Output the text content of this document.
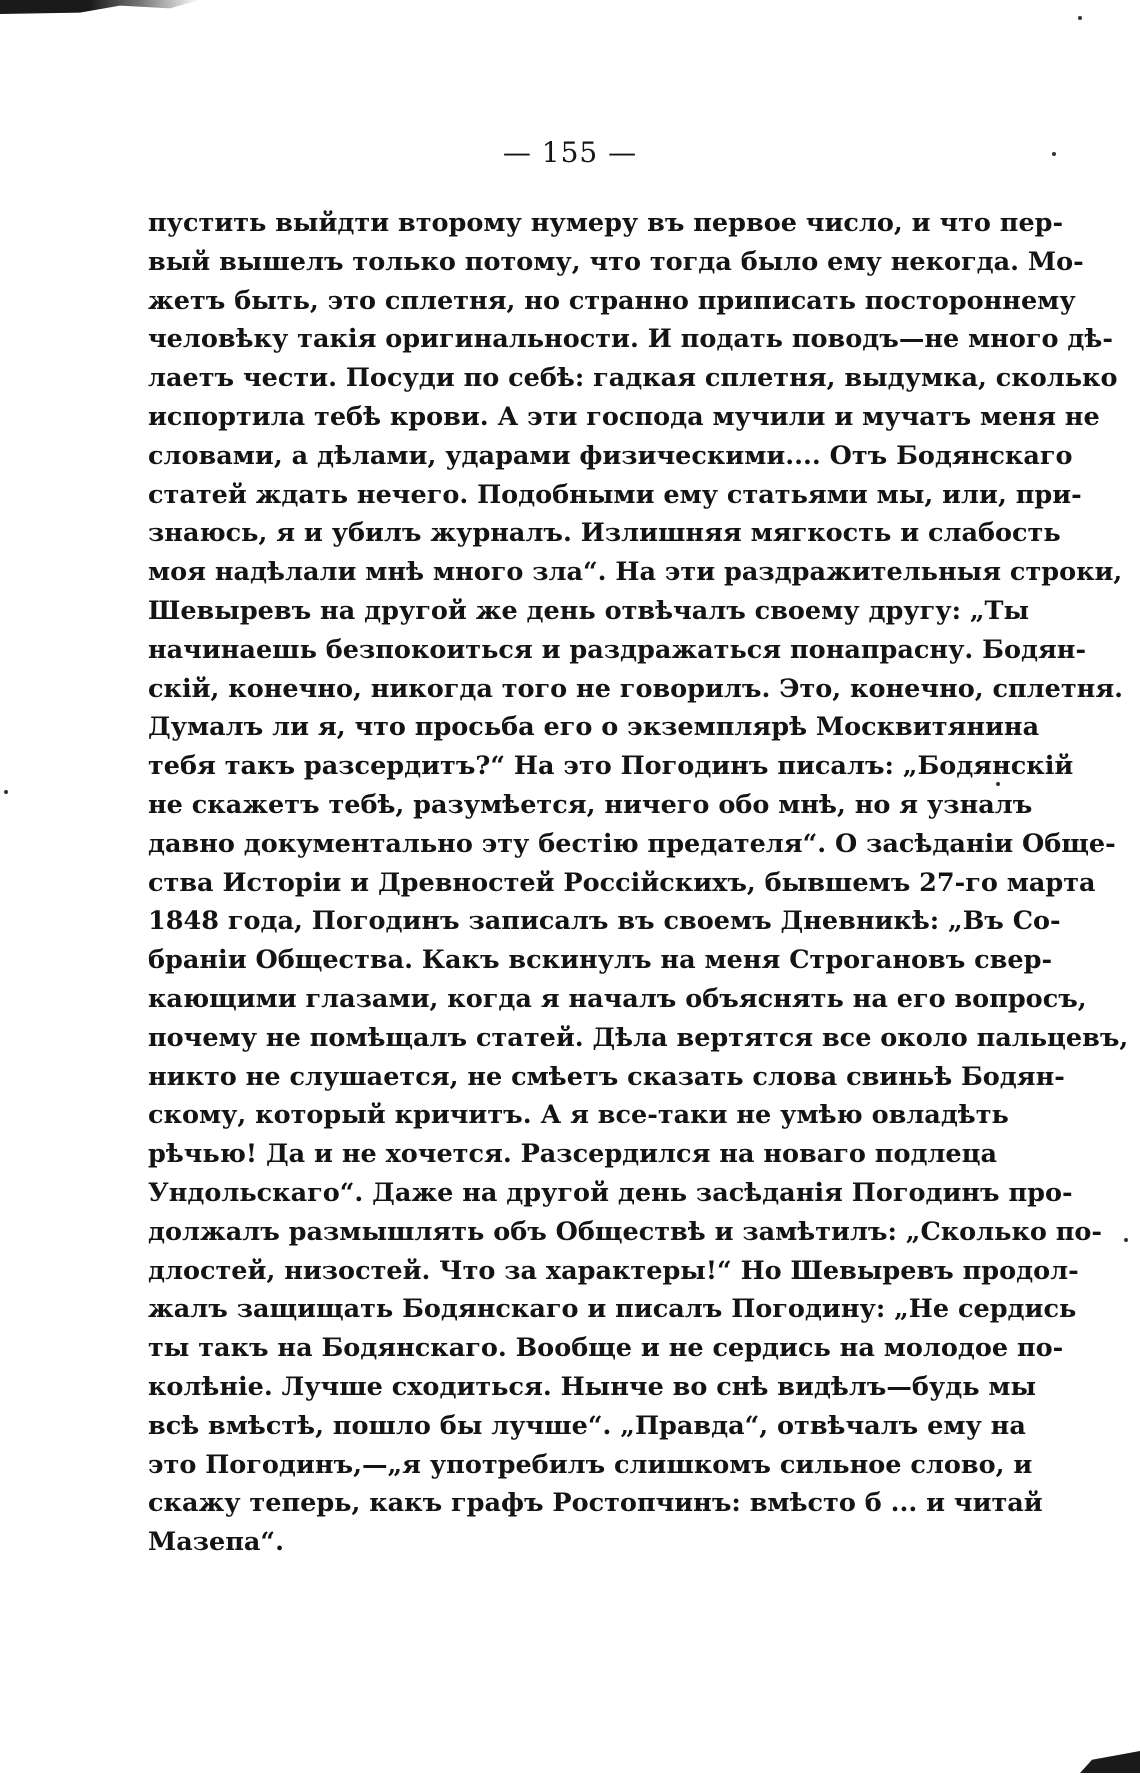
— 155 —
пустить выйдти второму нумеру въ первое число, и что пер-
вый вышелъ только потому, что тогда было ему некогда. Мо-
жетъ быть, это сплетня, но странно приписать постороннему
человѣку такія оригинальности. И подать поводъ—не много дѣ-
лаетъ чести. Посуди по себѣ: гадкая сплетня, выдумка, сколько
испортила тебѣ крови. А эти господа мучили и мучатъ меня не
словами, а дѣлами, ударами физическими.... Отъ Бодянскаго
статей ждать нечего. Подобными ему статьями мы, или, при-
знаюсь, я и убилъ журналъ. Излишняя мягкость и слабость
моя надѣлали мнѣ много зла“. На эти раздражительныя строки,
Шевыревъ на другой же день отвѣчалъ своему другу: „Ты
начинаешь безпокоиться и раздражаться понапрасну. Бодян-
скій, конечно, никогда того не говорилъ. Это, конечно, сплетня.
Думалъ ли я, что просьба его о экземплярѣ Москвитянина
тебя такъ разсердитъ?“ На это Погодинъ писалъ: „Бодянскій
не скажетъ тебѣ, разумѣется, ничего обо мнѣ, но я узналъ
давно документально эту бестію предателя“. О засѣданіи Обще-
ства Исторіи и Древностей Россійскихъ, бывшемъ 27-го марта
1848 года, Погодинъ записалъ въ своемъ Дневникѣ: „Въ Со-
браніи Общества. Какъ вскинулъ на меня Строгановъ свер-
кающими глазами, когда я началъ объяснять на его вопросъ,
почему не помѣщалъ статей. Дѣла вертятся все около пальцевъ,
никто не слушается, не смѣетъ сказать слова свиньѣ Бодян-
скому, который кричитъ. А я все-таки не умѣю овладѣть
рѣчью! Да и не хочется. Разсердился на новаго подлеца
Ундольскаго“. Даже на другой день засѣданія Погодинъ про-
должалъ размышлять объ Обществѣ и замѣтилъ: „Сколько по-
длостей, низостей. Что за характеры!“ Но Шевыревъ продол-
жалъ защищать Бодянскаго и писалъ Погодину: „Не сердись
ты такъ на Бодянскаго. Вообще и не сердись на молодое по-
колѣніе. Лучше сходиться. Нынче во снѣ видѣлъ—будь мы
всѣ вмѣстѣ, пошло бы лучше“. „Правда“, отвѣчалъ ему на
это Погодинъ,—„я употребилъ слишкомъ сильное слово, и
скажу теперь, какъ графъ Ростопчинъ: вмѣсто б ... и читай
Мазепа“.
